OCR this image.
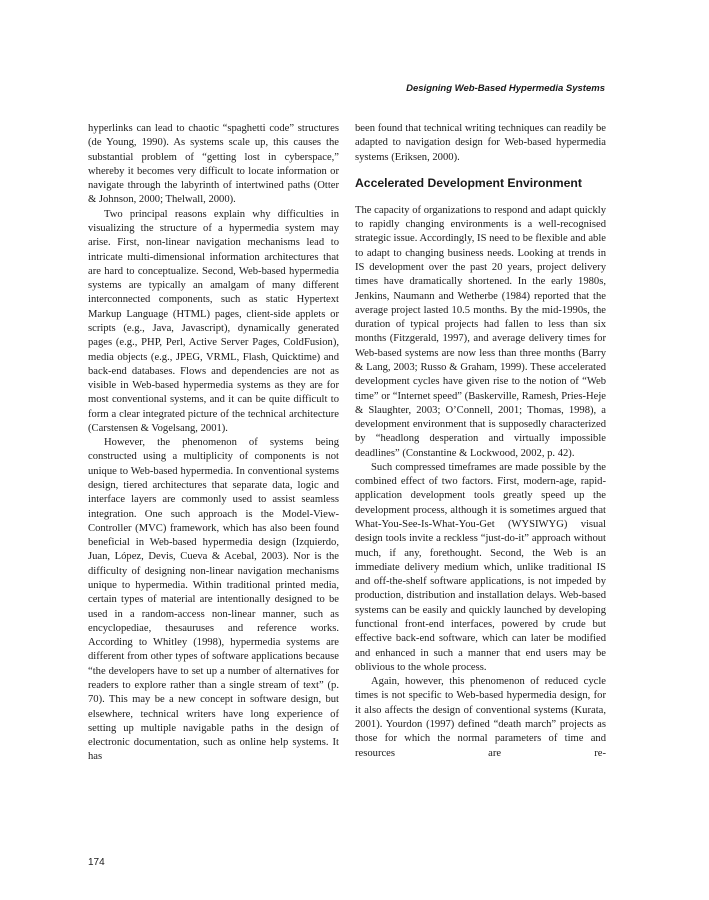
Designing Web-Based Hypermedia Systems

hyperlinks can lead to chaotic “spaghetti code” structures (de Young, 1990). As systems scale up, this causes the substantial problem of “getting lost in cyberspace,” whereby it becomes very difficult to locate information or navigate through the labyrinth of intertwined paths (Otter & Johnson, 2000; Thelwall, 2000).

Two principal reasons explain why difficulties in visualizing the structure of a hypermedia system may arise. First, non-linear navigation mechanisms lead to intricate multi-dimensional information architectures that are hard to conceptualize. Second, Web-based hypermedia systems are typically an amalgam of many different interconnected components, such as static Hypertext Markup Language (HTML) pages, client-side applets or scripts (e.g., Java, Javascript), dynamically generated pages (e.g., PHP, Perl, Active Server Pages, ColdFusion), media objects (e.g., JPEG, VRML, Flash, Quicktime) and back-end databases. Flows and dependencies are not as visible in Web-based hypermedia systems as they are for most conventional systems, and it can be quite difficult to form a clear integrated picture of the technical architecture (Carstensen & Vogelsang, 2001).

However, the phenomenon of systems being constructed using a multiplicity of components is not unique to Web-based hypermedia. In conventional systems design, tiered architectures that separate data, logic and interface layers are commonly used to assist seamless integration. One such approach is the Model-View-Controller (MVC) framework, which has also been found beneficial in Web-based hypermedia design (Izquierdo, Juan, López, Devis, Cueva & Acebal, 2003). Nor is the difficulty of designing non-linear navigation mechanisms unique to hypermedia. Within traditional printed media, certain types of material are intentionally designed to be used in a random-access non-linear manner, such as encyclopediae, thesauruses and reference works. According to Whitley (1998), hypermedia systems are different from other types of software applications because “the developers have to set up a number of alternatives for readers to explore rather than a single stream of text” (p. 70). This may be a new concept in software design, but elsewhere, technical writers have long experience of setting up multiple navigable paths in the design of electronic documentation, such as online help systems. It has

been found that technical writing techniques can readily be adapted to navigation design for Web-based hypermedia systems (Eriksen, 2000).

Accelerated Development Environment

The capacity of organizations to respond and adapt quickly to rapidly changing environments is a well-recognised strategic issue. Accordingly, IS need to be flexible and able to adapt to changing business needs. Looking at trends in IS development over the past 20 years, project delivery times have dramatically shortened. In the early 1980s, Jenkins, Naumann and Wetherbe (1984) reported that the average project lasted 10.5 months. By the mid-1990s, the duration of typical projects had fallen to less than six months (Fitzgerald, 1997), and average delivery times for Web-based systems are now less than three months (Barry & Lang, 2003; Russo & Graham, 1999). These accelerated development cycles have given rise to the notion of “Web time” or “Internet speed” (Baskerville, Ramesh, Pries-Heje & Slaughter, 2003; O’Connell, 2001; Thomas, 1998), a development environment that is supposedly characterized by “headlong desperation and virtually impossible deadlines” (Constantine & Lockwood, 2002, p. 42).

Such compressed timeframes are made possible by the combined effect of two factors. First, modern-age, rapid-application development tools greatly speed up the development process, although it is sometimes argued that What-You-See-Is-What-You-Get (WYSIWYG) visual design tools invite a reckless “just-do-it” approach without much, if any, forethought. Second, the Web is an immediate delivery medium which, unlike traditional IS and off-the-shelf software applications, is not impeded by production, distribution and installation delays. Web-based systems can be easily and quickly launched by developing functional front-end interfaces, powered by crude but effective back-end software, which can later be modified and enhanced in such a manner that end users may be oblivious to the whole process.

Again, however, this phenomenon of reduced cycle times is not specific to Web-based hypermedia design, for it also affects the design of conventional systems (Kurata, 2001). Yourdon (1997) defined “death march” projects as those for which the normal parameters of time and resources are re-

174
